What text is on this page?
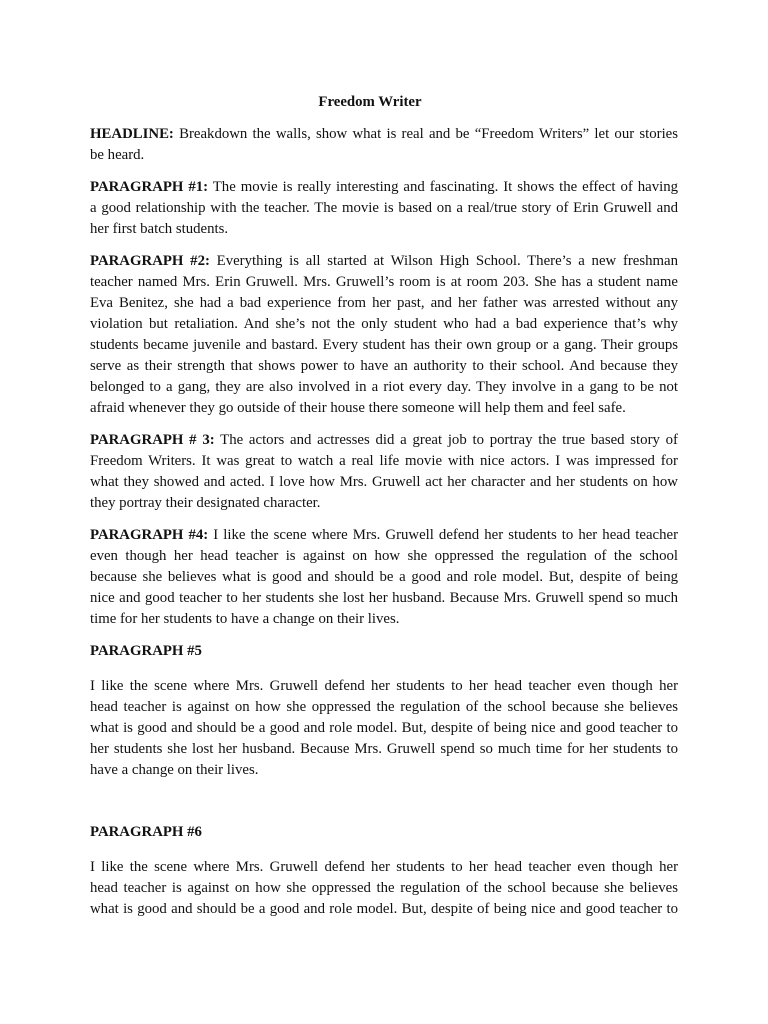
Freedom Writer
HEADLINE: Breakdown the walls, show what is real and be “Freedom Writers” let our stories
be heard.
PARAGRAPH #1: The movie is really interesting and fascinating. It shows the effect of having
a good relationship with the teacher. The movie is based on a real/true story of Erin Gruwell and
her first batch students.
PARAGRAPH #2: Everything is all started at Wilson High School. There’s a new freshman
teacher named Mrs. Erin Gruwell. Mrs. Gruwell’s room is at room 203. She has a student name
Eva Benitez, she had a bad experience from her past, and her father was arrested without any
violation but retaliation. And she’s not the only student who had a bad experience that’s why
students became juvenile and bastard. Every student has their own group or a gang. Their groups
serve as their strength that shows power to have an authority to their school. And because they
belonged to a gang, they are also involved in a riot every day. They involve in a gang to be not
afraid whenever they go outside of their house there someone will help them and feel safe.
PARAGRAPH # 3: The actors and actresses did a great job to portray the true based story of
Freedom Writers. It was great to watch a real life movie with nice actors. I was impressed for
what they showed and acted. I love how Mrs. Gruwell act her character and her students on how
they portray their designated character.
PARAGRAPH #4: I like the scene where Mrs. Gruwell defend her students to her head teacher
even though her head teacher is against on how she oppressed the regulation of the school
because she believes what is good and should be a good and role model. But, despite of being
nice and good teacher to her students she lost her husband. Because Mrs. Gruwell spend so much
time for her students to have a change on their lives.
PARAGRAPH #5
I like the scene where Mrs. Gruwell defend her students to her head teacher even though her
head teacher is against on how she oppressed the regulation of the school because she believes
what is good and should be a good and role model. But, despite of being nice and good teacher to
her students she lost her husband. Because Mrs. Gruwell spend so much time for her students to
have a change on their lives.
PARAGRAPH #6
I like the scene where Mrs. Gruwell defend her students to her head teacher even though her
head teacher is against on how she oppressed the regulation of the school because she believes
what is good and should be a good and role model. But, despite of being nice and good teacher to
